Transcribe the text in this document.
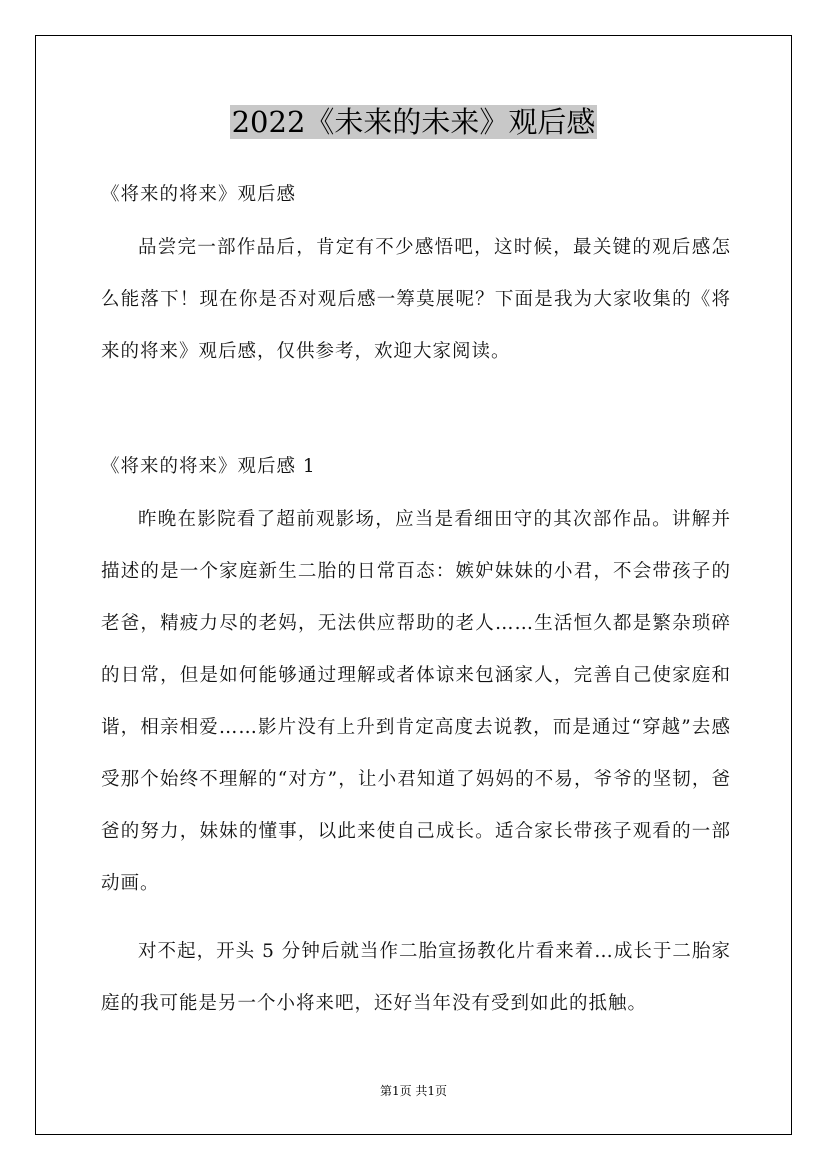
2022《未来的未来》观后感
《将来的将来》观后感
品尝完一部作品后，肯定有不少感悟吧，这时候，最关键的观后感怎么能落下！现在你是否对观后感一筹莫展呢？下面是我为大家收集的《将来的将来》观后感，仅供参考，欢迎大家阅读。
《将来的将来》观后感 1
昨晚在影院看了超前观影场，应当是看细田守的其次部作品。讲解并描述的是一个家庭新生二胎的日常百态：嫉妒妹妹的小君，不会带孩子的老爸，精疲力尽的老妈，无法供应帮助的老人……生活恒久都是繁杂琐碎的日常，但是如何能够通过理解或者体谅来包涵家人，完善自己使家庭和谐，相亲相爱……影片没有上升到肯定高度去说教，而是通过“穿越”去感受那个始终不理解的“对方”，让小君知道了妈妈的不易，爷爷的坚韧，爸爸的努力，妹妹的懂事，以此来使自己成长。适合家长带孩子观看的一部动画。
对不起，开头 5 分钟后就当作二胎宣扬教化片看来着…成长于二胎家庭的我可能是另一个小将来吧，还好当年没有受到如此的抵触。
第1页 共1页
